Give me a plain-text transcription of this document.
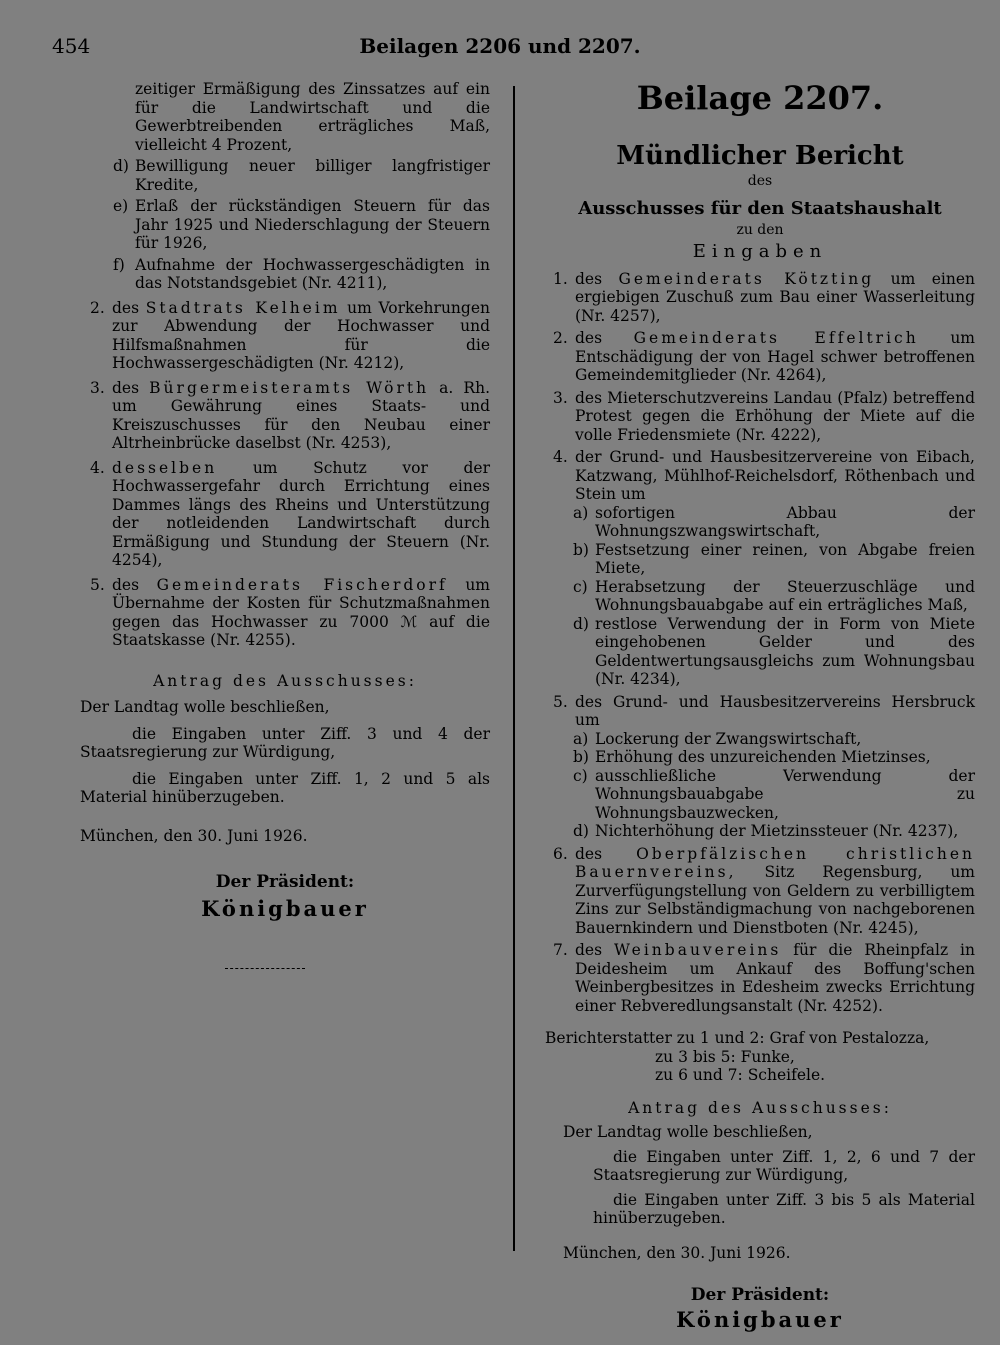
454	Beilagen 2206 und 2207.
zeitiger Ermäßigung des Zinssatzes auf ein für die Landwirtschaft und die Gewerbtreibenden erträgliches Maß, vielleicht 4 Prozent,
d) Bewilligung neuer billiger langfristiger Kredite,
e) Erlaß der rückständigen Steuern für das Jahr 1925 und Niederschlagung der Steuern für 1926,
f) Aufnahme der Hochwassergeschädigten in das Notstandsgebiet (Nr. 4211),
2. des Stadtrats Kelheim um Vorkehrungen zur Abwendung der Hochwasser und Hilfsmaßnahmen für die Hochwassergeschädigten (Nr. 4212),
3. des Bürgermeisteramts Wörth a. Rh. um Gewährung eines Staats- und Kreiszuschusses für den Neubau einer Altrheinbrücke daselbst (Nr. 4253),
4. desselben um Schutz vor der Hochwassergefahr durch Errichtung eines Dammes längs des Rheins und Unterstützung der notleidenden Landwirtschaft durch Ermäßigung und Stundung der Steuern (Nr. 4254),
5. des Gemeinderats Fischerdorf um Übernahme der Kosten für Schutzmaßnahmen gegen das Hochwasser zu 7000 ℳ auf die Staatskasse (Nr. 4255).
Antrag des Ausschusses:
Der Landtag wolle beschließen,
die Eingaben unter Ziff. 3 und 4 der Staatsregierung zur Würdigung,
die Eingaben unter Ziff. 1, 2 und 5 als Material hinüberzugeben.
München, den 30. Juni 1926.
Der Präsident:
Königbauer
Beilage 2207.
Mündlicher Bericht
des
Ausschusses für den Staatshaushalt
zu den
Eingaben
1. des Gemeinderats Kötzting um einen ergiebigen Zuschuß zum Bau einer Wasserleitung (Nr. 4257),
2. des Gemeinderats Effeltrich um Entschädigung der von Hagel schwer betroffenen Gemeindemitglieder (Nr. 4264),
3. des Mieterschutzvereins Landau (Pfalz) betreffend Protest gegen die Erhöhung der Miete auf die volle Friedensmiete (Nr. 4222),
4. der Grund- und Hausbesitzervereine von Eibach, Katzwang, Mühlhof-Reichelsdorf, Röthenbach und Stein um
a) sofortigen Abbau der Wohnungszwangswirtschaft,
b) Festsetzung einer reinen, von Abgabe freien Miete,
c) Herabsetzung der Steuerzuschläge und Wohnungsbauabgabe auf ein erträgliches Maß,
d) restlose Verwendung der in Form von Miete eingehobenen Gelder und des Geldentwertungsausgleichs zum Wohnungsbau (Nr. 4234),
5. des Grund- und Hausbesitzervereins Hersbruck um
a) Lockerung der Zwangswirtschaft,
b) Erhöhung des unzureichenden Mietzinses,
c) ausschließliche Verwendung der Wohnungsbauabgabe zu Wohnungsbauzwecken,
d) Nichterhöhung der Mietzinssteuer (Nr. 4237),
6. des Oberpfälzischen christlichen Bauernvereins, Sitz Regensburg, um Zurverfügungstellung von Geldern zu verbilligtem Zins zur Selbständigmachung von nachgeborenen Bauernkindern und Dienstboten (Nr. 4245),
7. des Weinbauvereins für die Rheinpfalz in Deidesheim um Ankauf des Boffung'schen Weinbergbesitzes in Edesheim zwecks Errichtung einer Rebveredlungsanstalt (Nr. 4252).
Berichterstatter zu 1 und 2: Graf von Pestalozza,
zu 3 bis 5: Funke,
zu 6 und 7: Scheifele.
Antrag des Ausschusses:
Der Landtag wolle beschließen,
die Eingaben unter Ziff. 1, 2, 6 und 7 der Staatsregierung zur Würdigung,
die Eingaben unter Ziff. 3 bis 5 als Material hinüberzugeben.
München, den 30. Juni 1926.
Der Präsident:
Königbauer
